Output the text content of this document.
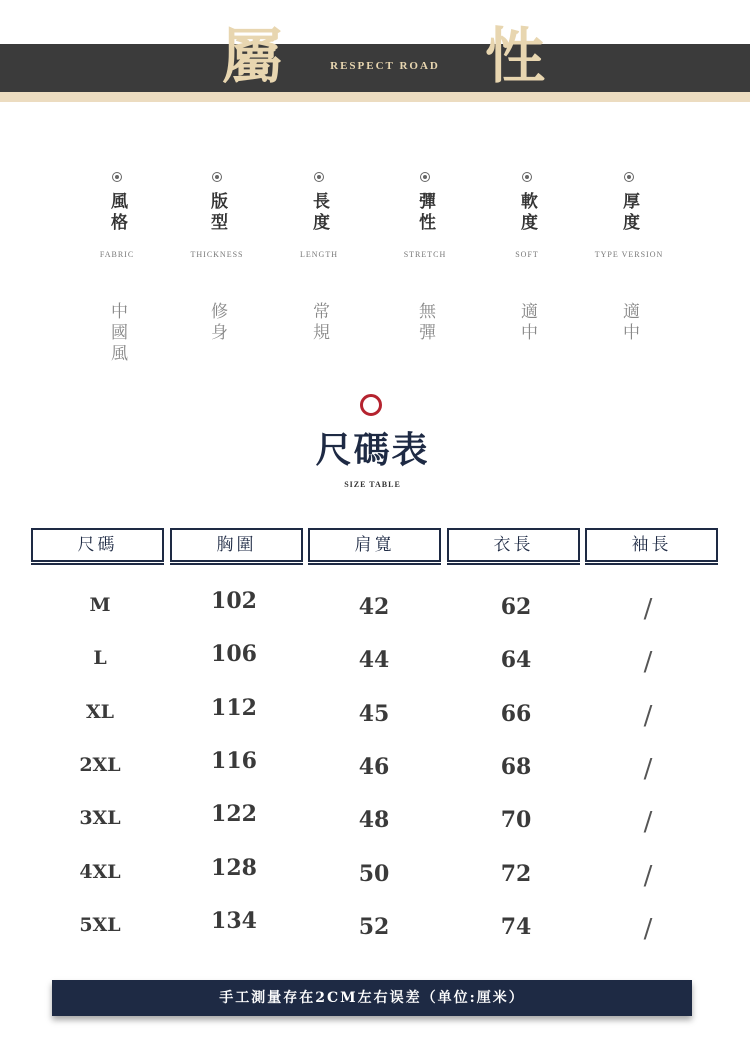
屬	RESPECT ROAD 性
風格
FABRIC
中國風
版型
THICKNESS
修身
長度
LENGTH
常規
彈性
STRETCH
無彈
軟度
SOFT
適中
厚度
TYPE VERSION
適中
尺碼表
SIZE TABLE
尺碼	胸圍	肩寬	衣長	袖長
M	102	42	62	/
L	106	44	64	/
XL	112	45	66	/
2XL	116	46	68	/
3XL	122	48	70	/
4XL	128	50	72	/
5XL	134	52	74	/
手工測量存在2CM左右误差（单位:厘米）
